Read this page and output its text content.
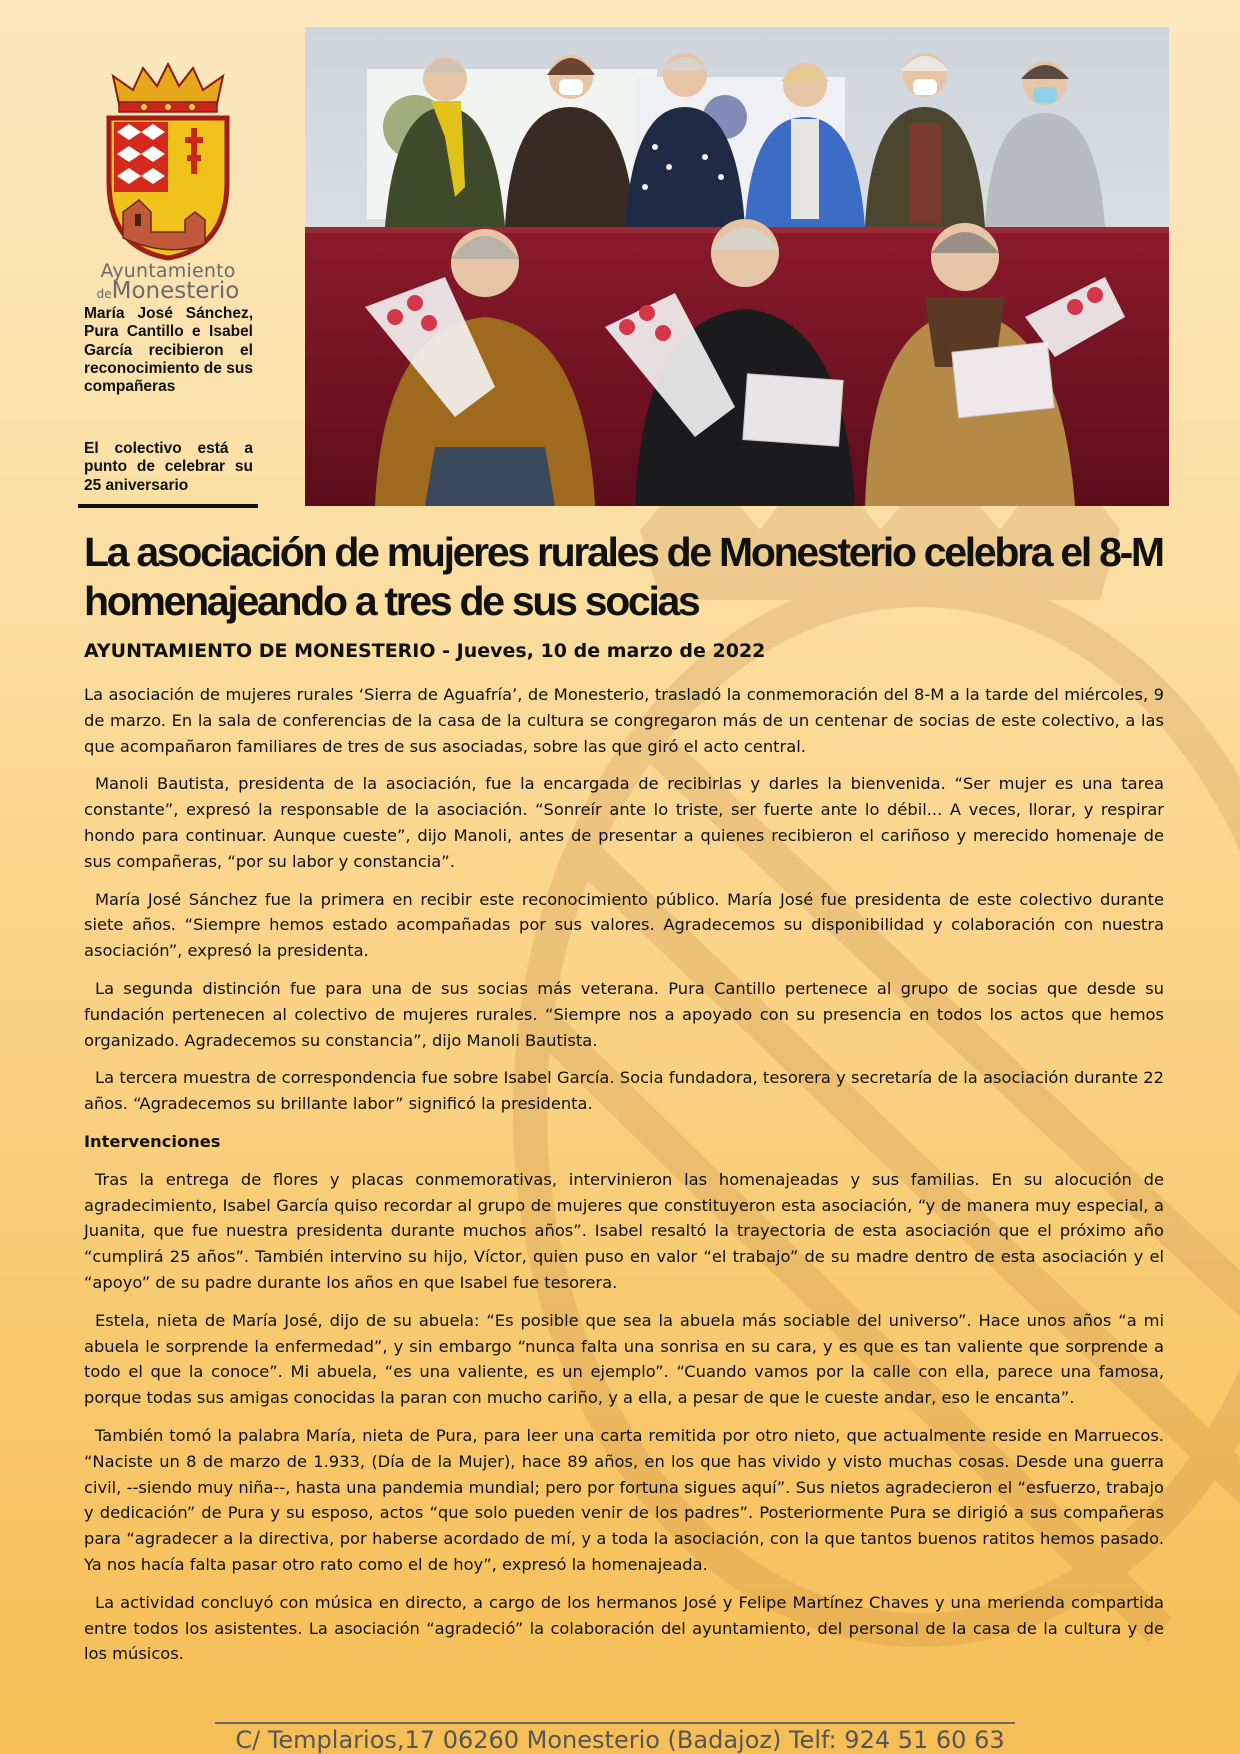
Ayuntamiento
deMonesterio
María José Sánchez, Pura Cantillo e Isabel García recibieron el reconocimiento de sus compañeras
El colectivo está a punto de celebrar su 25 aniversario
La asociación de mujeres rurales de Monesterio celebra el 8-M homenajeando a tres de sus socias

AYUNTAMIENTO DE MONESTERIO - Jueves, 10 de marzo de 2022

La asociación de mujeres rurales ‘Sierra de Aguafría’, de Monesterio, trasladó la conmemoración del 8-M a la tarde del miércoles, 9 de marzo. En la sala de conferencias de la casa de la cultura se congregaron más de un centenar de socias de este colectivo, a las que acompañaron familiares de tres de sus asociadas, sobre las que giró el acto central.

Manoli Bautista, presidenta de la asociación, fue la encargada de recibirlas y darles la bienvenida. “Ser mujer es una tarea constante”, expresó la responsable de la asociación. “Sonreír ante lo triste, ser fuerte ante lo débil... A veces, llorar, y respirar hondo para continuar. Aunque cueste”, dijo Manoli, antes de presentar a quienes recibieron el cariñoso y merecido homenaje de sus compañeras, “por su labor y constancia”.

María José Sánchez fue la primera en recibir este reconocimiento público. María José fue presidenta de este colectivo durante siete años. “Siempre hemos estado acompañadas por sus valores. Agradecemos su disponibilidad y colaboración con nuestra asociación”, expresó la presidenta.

La segunda distinción fue para una de sus socias más veterana. Pura Cantillo pertenece al grupo de socias que desde su fundación pertenecen al colectivo de mujeres rurales. “Siempre nos a apoyado con su presencia en todos los actos que hemos organizado. Agradecemos su constancia”, dijo Manoli Bautista.

La tercera muestra de correspondencia fue sobre Isabel García. Socia fundadora, tesorera y secretaría de la asociación durante 22 años. “Agradecemos su brillante labor” significó la presidenta.

Intervenciones

Tras la entrega de flores y placas conmemorativas, intervinieron las homenajeadas y sus familias. En su alocución de agradecimiento, Isabel García quiso recordar al grupo de mujeres que constituyeron esta asociación, “y de manera muy especial, a Juanita, que fue nuestra presidenta durante muchos años”. Isabel resaltó la trayectoria de esta asociación que el próximo año “cumplirá 25 años”. También intervino su hijo, Víctor, quien puso en valor “el trabajo” de su madre dentro de esta asociación y el “apoyo” de su padre durante los años en que Isabel fue tesorera.

Estela, nieta de María José, dijo de su abuela: “Es posible que sea la abuela más sociable del universo”. Hace unos años “a mi abuela le sorprende la enfermedad”, y sin embargo “nunca falta una sonrisa en su cara, y es que es tan valiente que sorprende a todo el que la conoce”. Mi abuela, “es una valiente, es un ejemplo”. “Cuando vamos por la calle con ella, parece una famosa, porque todas sus amigas conocidas la paran con mucho cariño, y a ella, a pesar de que le cueste andar, eso le encanta”.

También tomó la palabra María, nieta de Pura, para leer una carta remitida por otro nieto, que actualmente reside en Marruecos. “Naciste un 8 de marzo de 1.933, (Día de la Mujer), hace 89 años, en los que has vivido y visto muchas cosas. Desde una guerra civil, --siendo muy niña--, hasta una pandemia mundial; pero por fortuna sigues aquí”. Sus nietos agradecieron el “esfuerzo, trabajo y dedicación” de Pura y su esposo, actos “que solo pueden venir de los padres”. Posteriormente Pura se dirigió a sus compañeras para “agradecer a la directiva, por haberse acordado de mí, y a toda la asociación, con la que tantos buenos ratitos hemos pasado. Ya nos hacía falta pasar otro rato como el de hoy”, expresó la homenajeada.

La actividad concluyó con música en directo, a cargo de los hermanos José y Felipe Martínez Chaves y una merienda compartida entre todos los asistentes. La asociación “agradeció” la colaboración del ayuntamiento, del personal de la casa de la cultura y de los músicos.

C/ Templarios,17 06260 Monesterio (Badajoz) Telf: 924 51 60 63
